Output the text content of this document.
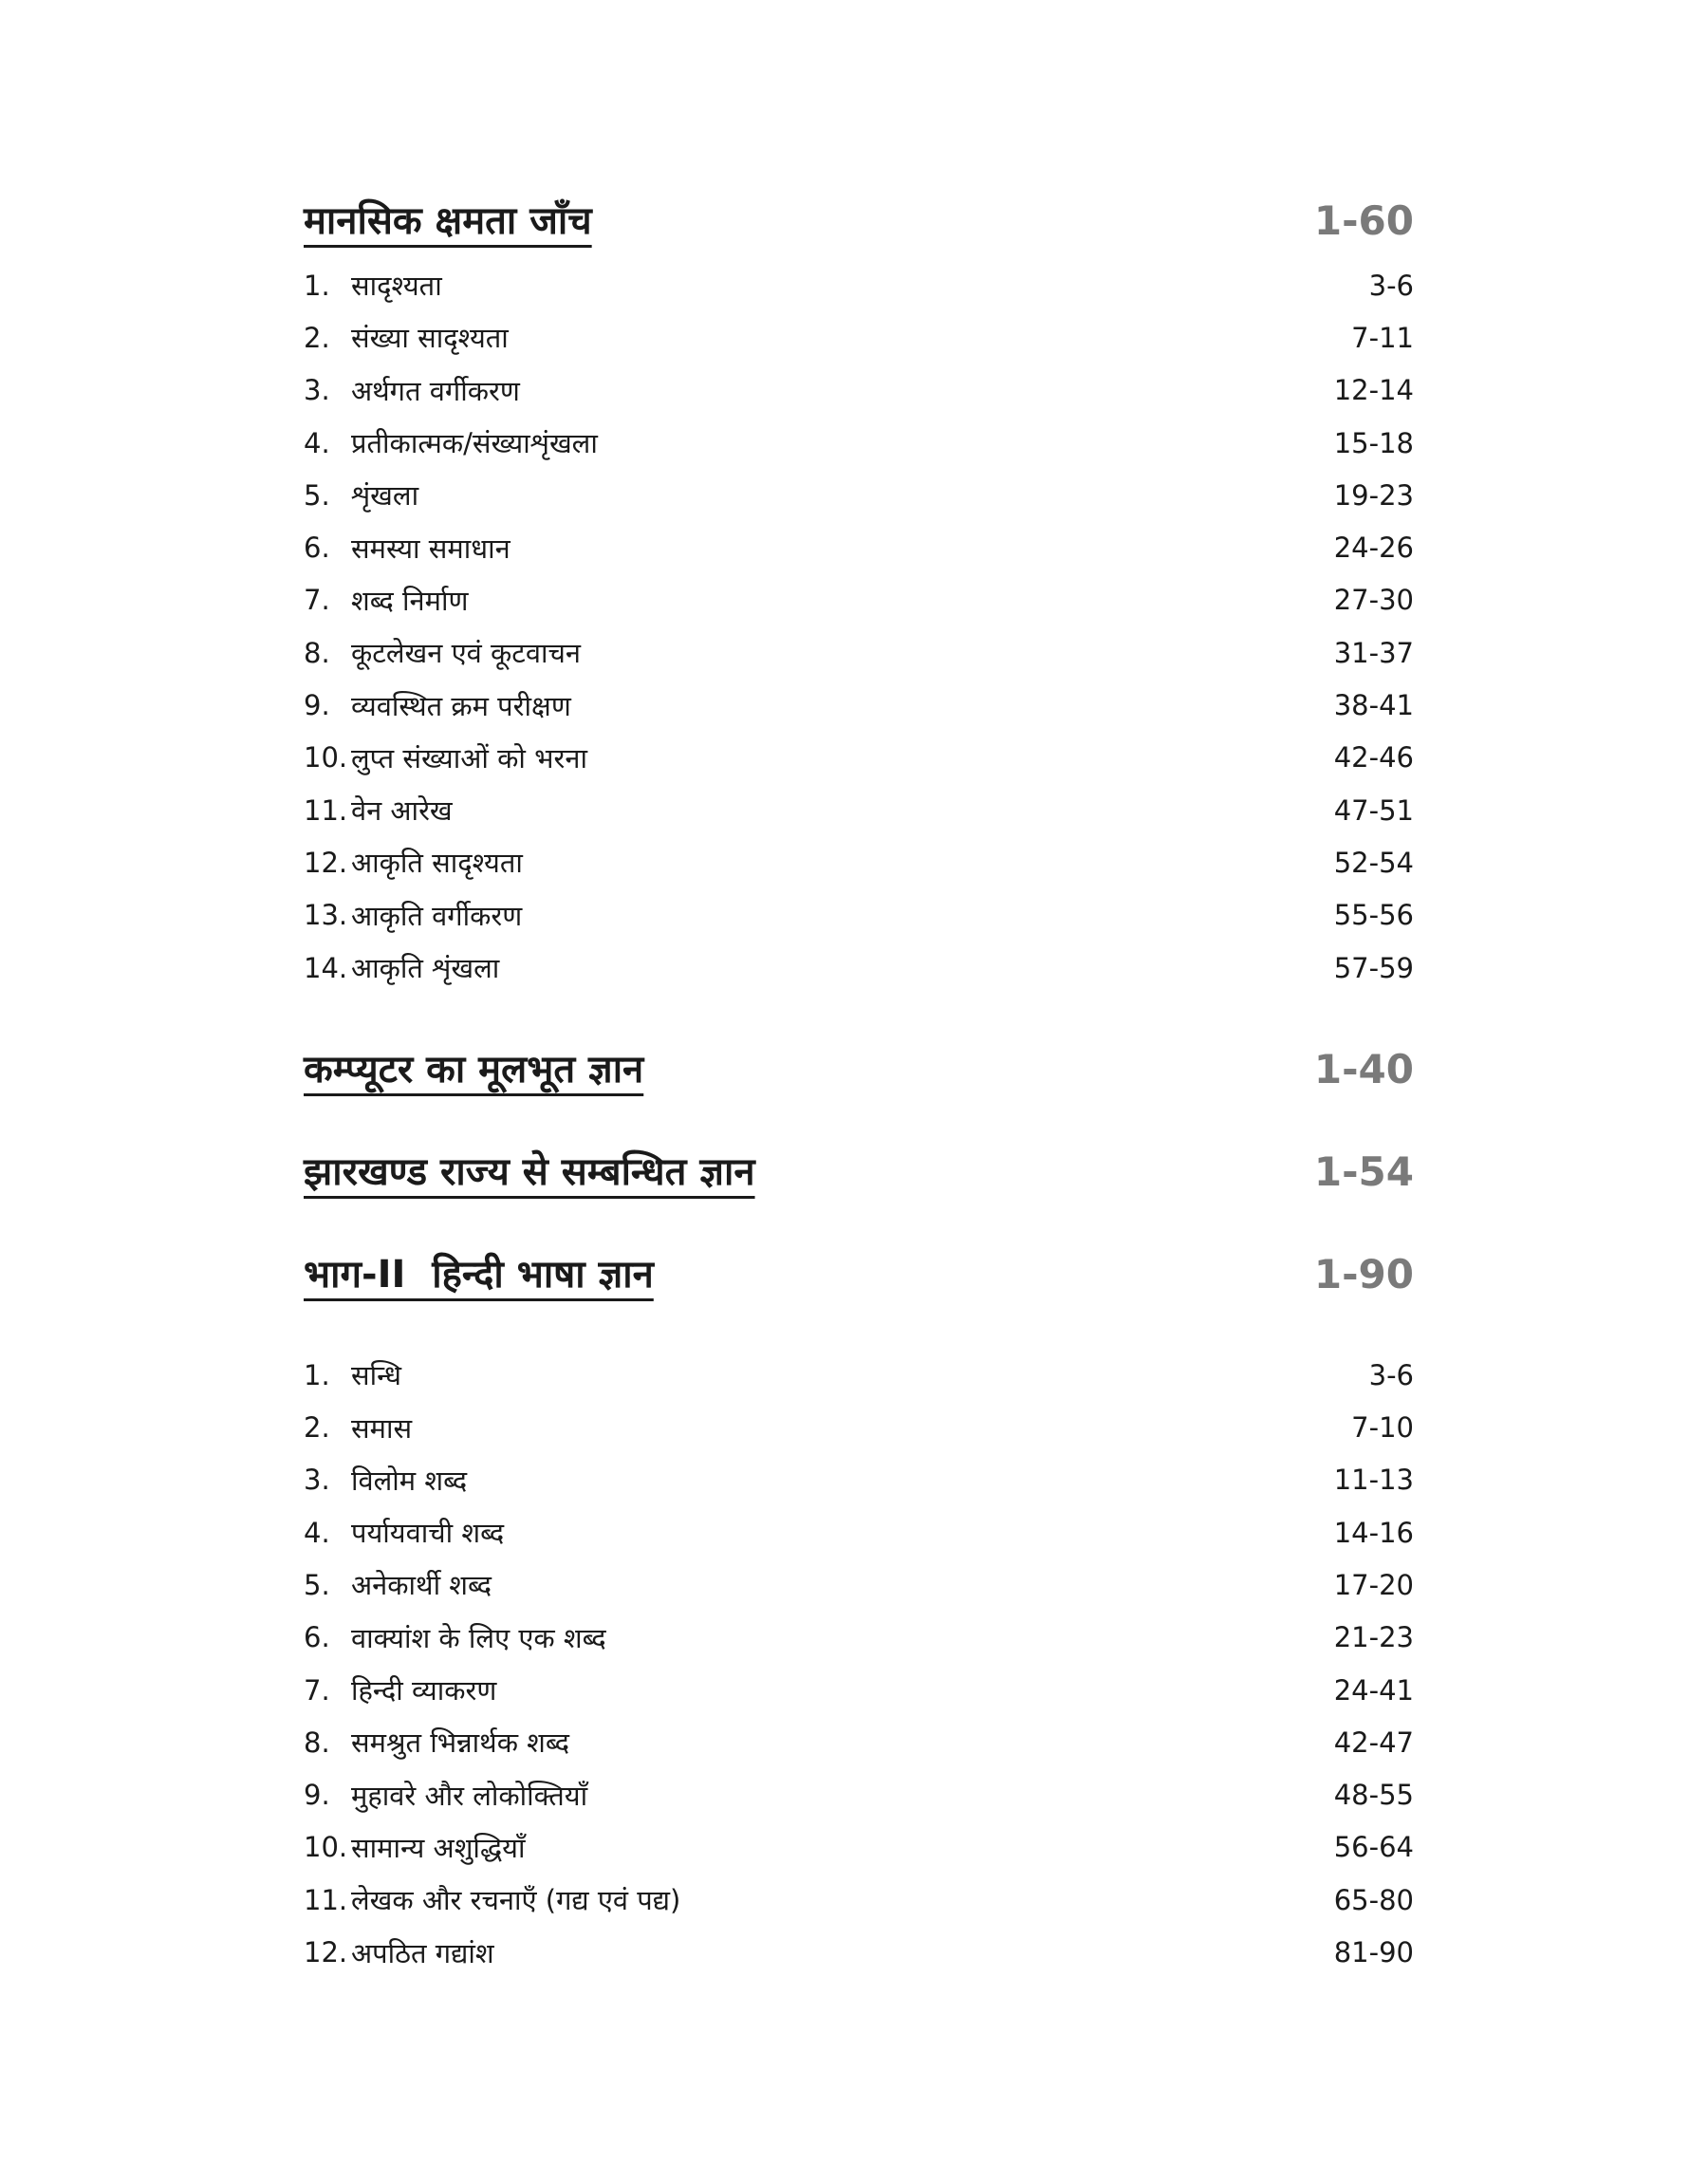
मानसिक क्षमता जाँच	1-60
1. सादृश्यता	3-6
2. संख्या सादृश्यता	7-11
3. अर्थगत वर्गीकरण	12-14
4. प्रतीकात्मक/संख्याशृंखला	15-18
5. शृंखला	19-23
6. समस्या समाधान	24-26
7. शब्द निर्माण	27-30
8. कूटलेखन एवं कूटवाचन	31-37
9. व्यवस्थित क्रम परीक्षण	38-41
10. लुप्त संख्याओं को भरना	42-46
11. वेन आरेख	47-51
12. आकृति सादृश्यता	52-54
13. आकृति वर्गीकरण	55-56
14. आकृति शृंखला	57-59
कम्प्यूटर का मूलभूत ज्ञान	1-40
झारखण्ड राज्य से सम्बन्धित ज्ञान	1-54
भाग-II  हिन्दी भाषा ज्ञान	1-90
1. सन्धि	3-6
2. समास	7-10
3. विलोम शब्द	11-13
4. पर्यायवाची शब्द	14-16
5. अनेकार्थी शब्द	17-20
6. वाक्यांश के लिए एक शब्द	21-23
7. हिन्दी व्याकरण	24-41
8. समश्रुत भिन्नार्थक शब्द	42-47
9. मुहावरे और लोकोक्तियाँ	48-55
10. सामान्य अशुद्धियाँ	56-64
11. लेखक और रचनाएँ (गद्य एवं पद्य)	65-80
12. अपठित गद्यांश	81-90
